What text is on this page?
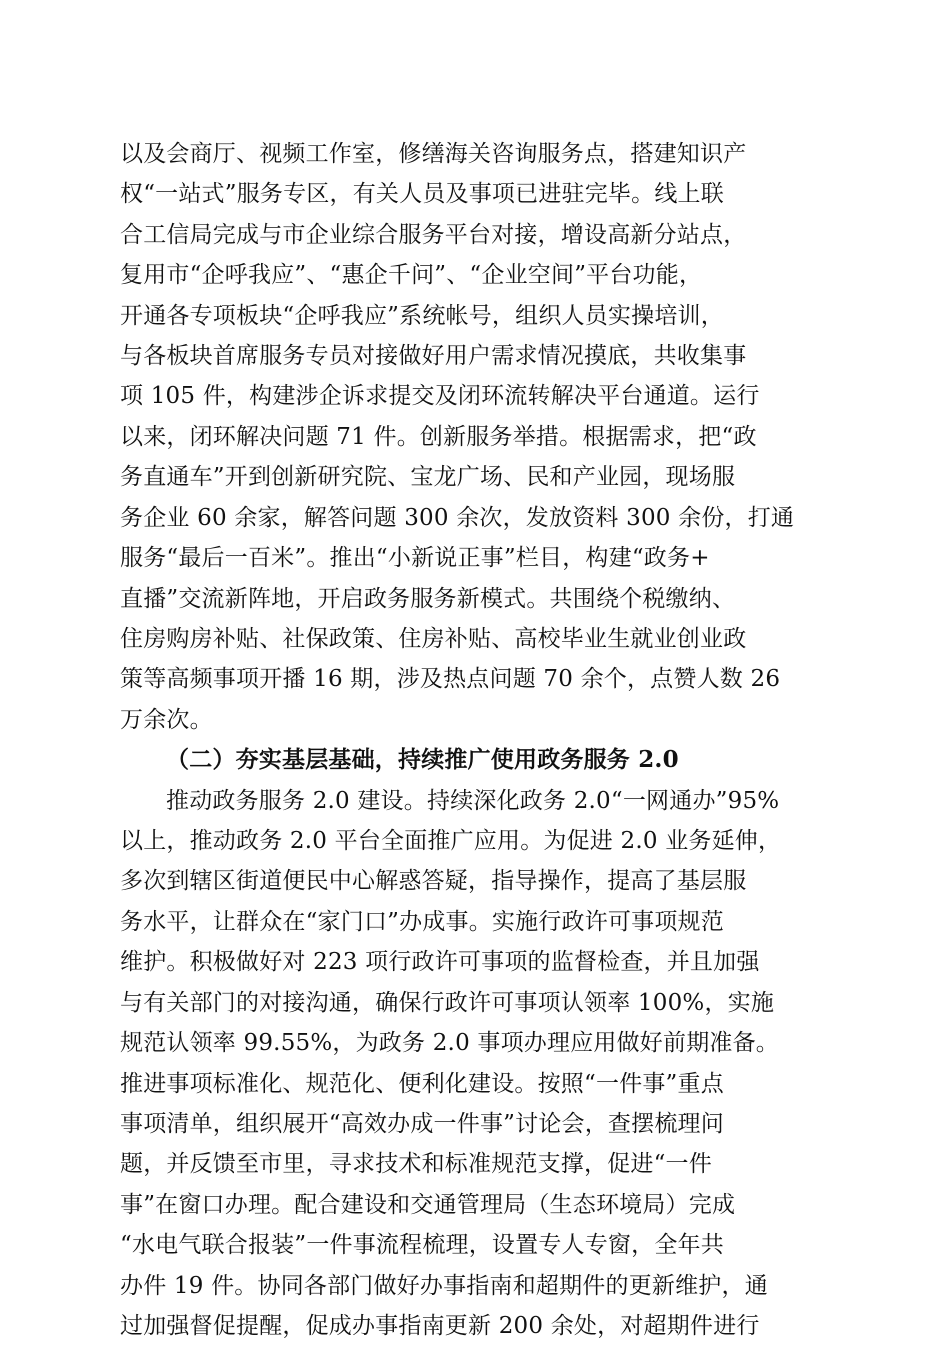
以及会商厅、视频工作室，修缮海关咨询服务点，搭建知识产
权“一站式”服务专区，有关人员及事项已进驻完毕。线上联
合工信局完成与市企业综合服务平台对接，增设高新分站点，
复用市“企呼我应”、“惠企千问”、“企业空间”平台功能，
开通各专项板块“企呼我应”系统帐号，组织人员实操培训，
与各板块首席服务专员对接做好用户需求情况摸底，共收集事
项 105 件，构建涉企诉求提交及闭环流转解决平台通道。运行
以来，闭环解决问题 71 件。创新服务举措。根据需求，把“政
务直通车”开到创新研究院、宝龙广场、民和产业园，现场服
务企业 60 余家，解答问题 300 余次，发放资料 300 余份，打通
服务“最后一百米”。推出“小新说正事”栏目，构建“政务+
直播”交流新阵地，开启政务服务新模式。共围绕个税缴纳、
住房购房补贴、社保政策、住房补贴、高校毕业生就业创业政
策等高频事项开播 16 期，涉及热点问题 70 余个，点赞人数 26
万余次。
（二）夯实基层基础，持续推广使用政务服务 2.0
推动政务服务 2.0 建设。持续深化政务 2.0“一网通办”95%
以上，推动政务 2.0 平台全面推广应用。为促进 2.0 业务延伸，
多次到辖区街道便民中心解惑答疑，指导操作，提高了基层服
务水平，让群众在“家门口”办成事。实施行政许可事项规范
维护。积极做好对 223 项行政许可事项的监督检查，并且加强
与有关部门的对接沟通，确保行政许可事项认领率 100%，实施
规范认领率 99.55%，为政务 2.0 事项办理应用做好前期准备。
推进事项标准化、规范化、便利化建设。按照“一件事”重点
事项清单，组织展开“高效办成一件事”讨论会，查摆梳理问
题，并反馈至市里，寻求技术和标准规范支撑，促进“一件
事”在窗口办理。配合建设和交通管理局（生态环境局）完成
“水电气联合报装”一件事流程梳理，设置专人专窗，全年共
办件 19 件。协同各部门做好办事指南和超期件的更新维护，通
过加强督促提醒，促成办事指南更新 200 余处，对超期件进行
